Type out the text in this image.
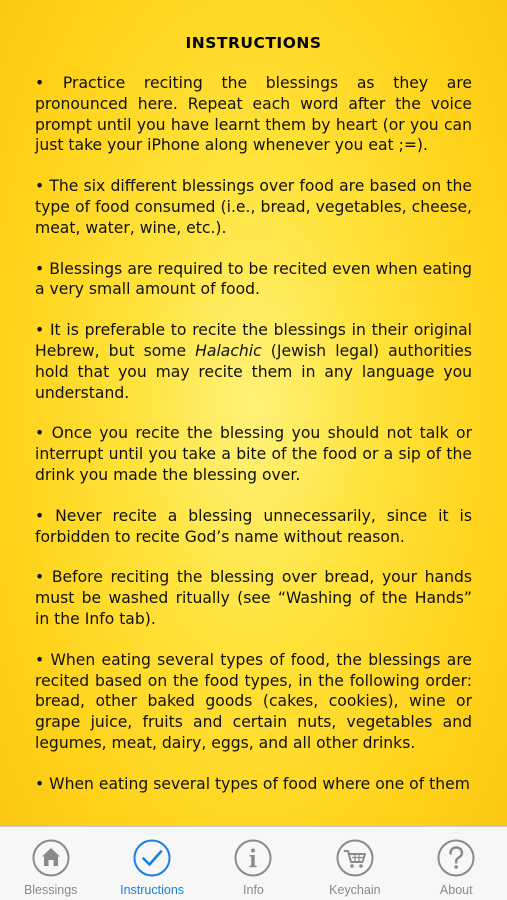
INSTRUCTIONS

• Practice reciting the blessings as they are pronounced here. Repeat each word after the voice prompt until you have learnt them by heart (or you can just take your iPhone along whenever you eat ;=).

• The six different blessings over food are based on the type of food consumed (i.e., bread, vegetables, cheese, meat, water, wine, etc.).

• Blessings are required to be recited even when eating a very small amount of food.

• It is preferable to recite the blessings in their original Hebrew, but some Halachic (Jewish legal) authorities hold that you may recite them in any language you understand.

• Once you recite the blessing you should not talk or interrupt until you take a bite of the food or a sip of the drink you made the blessing over.

• Never recite a blessing unnecessarily, since it is forbidden to recite God’s name without reason.

• Before reciting the blessing over bread, your hands must be washed ritually (see “Washing of the Hands” in the Info tab).

• When eating several types of food, the blessings are recited based on the food types, in the following order: bread, other baked goods (cakes, cookies), wine or grape juice, fruits and certain nuts, vegetables and legumes, meat, dairy, eggs, and all other drinks.

• When eating several types of food where one of them

Blessings	Instructions	Info	Keychain	About
